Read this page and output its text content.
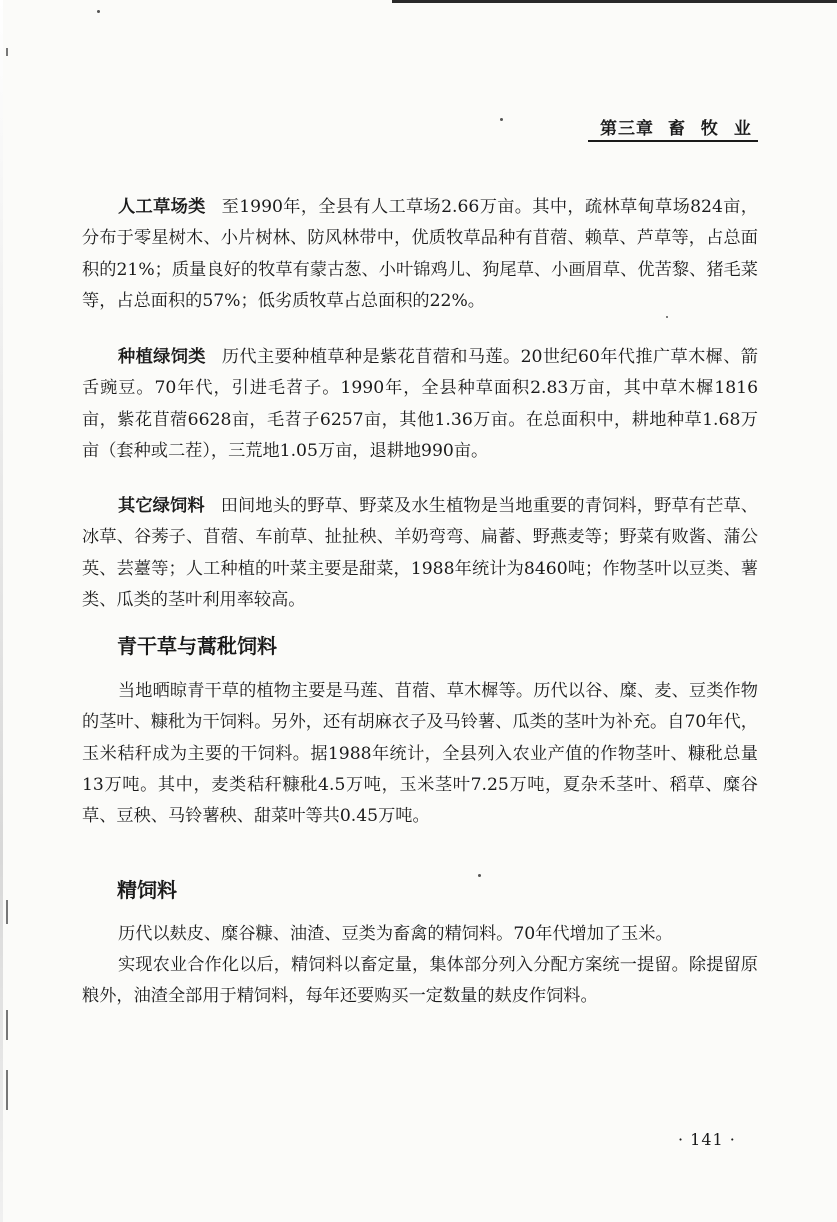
第三章 畜 牧 业

人工草场类 至1990年，全县有人工草场2.66万亩。其中，疏林草甸草场824亩，分布于零星树木、小片树林、防风林带中，优质牧草品种有苜蓿、赖草、芦草等，占总面积的21%；质量良好的牧草有蒙古葱、小叶锦鸡儿、狗尾草、小画眉草、优苦黎、猪毛菜等，占总面积的57%；低劣质牧草占总面积的22%。

种植绿饲类 历代主要种植草种是紫花苜蓿和马莲。20世纪60年代推广草木樨、箭舌豌豆。70年代，引进毛苕子。1990年，全县种草面积2.83万亩，其中草木樨1816亩，紫花苜蓿6628亩，毛苕子6257亩，其他1.36万亩。在总面积中，耕地种草1.68万亩（套种或二茬），三荒地1.05万亩，退耕地990亩。

其它绿饲料 田间地头的野草、野菜及水生植物是当地重要的青饲料，野草有芒草、冰草、谷莠子、苜蓿、车前草、扯扯秧、羊奶弯弯、扁蓄、野燕麦等；野菜有败酱、蒲公英、芸薹等；人工种植的叶菜主要是甜菜，1988年统计为8460吨；作物茎叶以豆类、薯类、瓜类的茎叶利用率较高。

青干草与蒿秕饲料

当地晒晾青干草的植物主要是马莲、苜蓿、草木樨等。历代以谷、糜、麦、豆类作物的茎叶、糠秕为干饲料。另外，还有胡麻衣子及马铃薯、瓜类的茎叶为补充。自70年代，玉米秸秆成为主要的干饲料。据1988年统计，全县列入农业产值的作物茎叶、糠秕总量13万吨。其中，麦类秸秆糠秕4.5万吨，玉米茎叶7.25万吨，夏杂禾茎叶、稻草、糜谷草、豆秧、马铃薯秧、甜菜叶等共0.45万吨。

精饲料

历代以麸皮、糜谷糠、油渣、豆类为畜禽的精饲料。70年代增加了玉米。

实现农业合作化以后，精饲料以畜定量，集体部分列入分配方案统一提留。除提留原粮外，油渣全部用于精饲料，每年还要购买一定数量的麸皮作饲料。

· 141 ·
